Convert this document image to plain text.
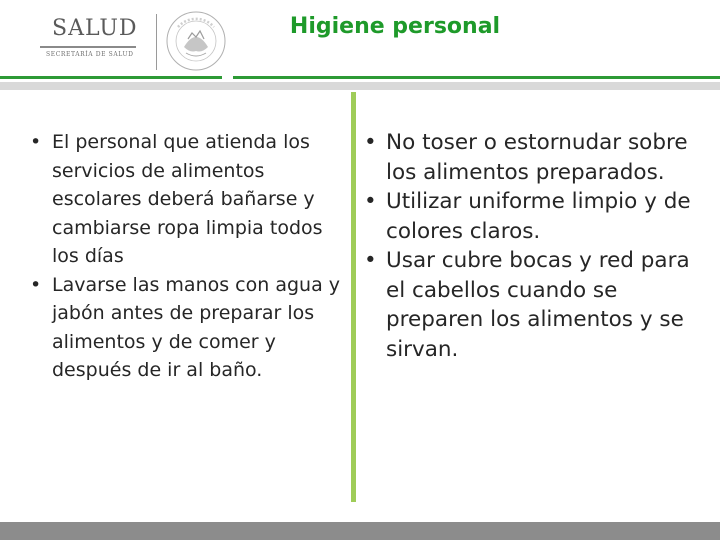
SALUD
SECRETARÍA DE SALUD
Higiene personal
• El personal que atienda los servicios de alimentos escolares deberá bañarse y cambiarse ropa limpia todos los días
• Lavarse las manos con agua y jabón antes de preparar los alimentos y de comer y después de ir al baño.
• No toser o estornudar sobre los alimentos preparados.
• Utilizar uniforme limpio y de colores claros.
• Usar cubre bocas y red para el cabellos cuando se preparen los alimentos y se sirvan.
